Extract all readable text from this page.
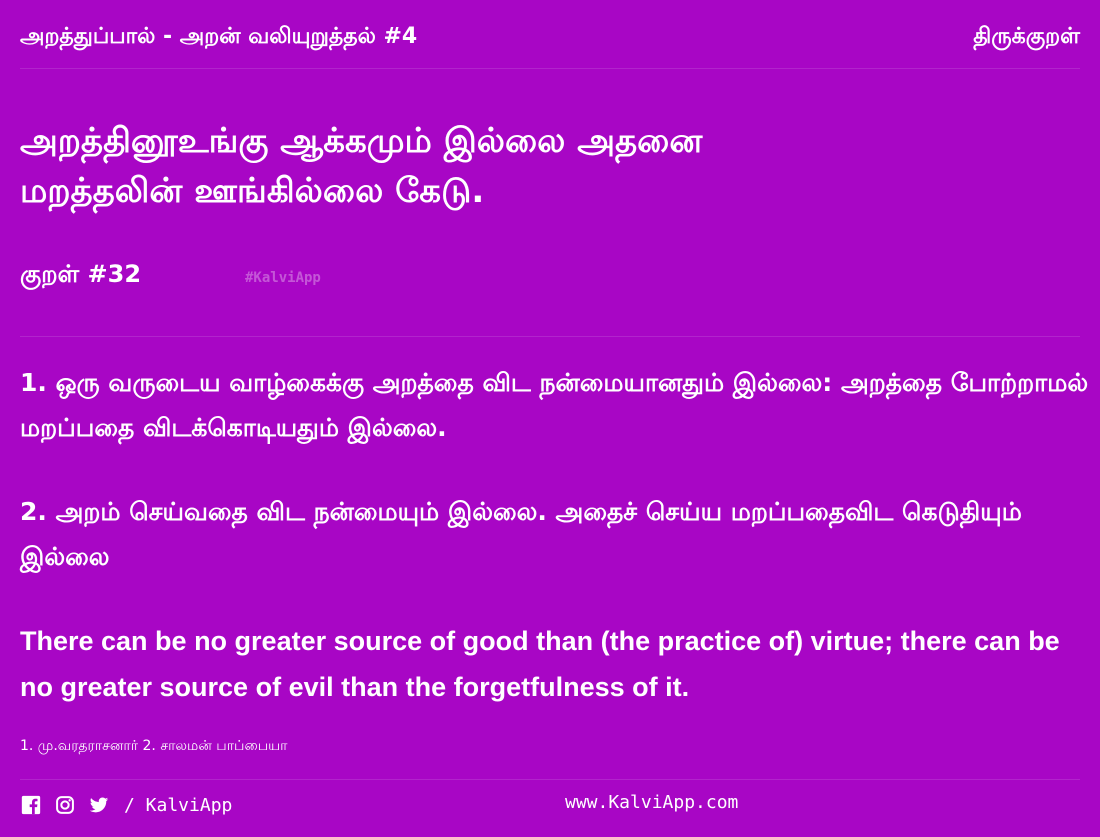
அறத்துப்பால் - அறன் வலியுறுத்தல் #4	திருக்குறள்
அறத்தினூஉங்கு ஆக்கமும் இல்லை அதனை
மறத்தலின் ஊங்கில்லை கேடு.
குறள் #32	#KalviApp
1. ஒரு வருடைய வாழ்கைக்கு அறத்தை விட நன்மையானதும் இல்லை: அறத்தை போற்றாமல் மறப்பதை விடக்கொடியதும் இல்லை.
2. அறம் செய்வதை விட நன்மையும் இல்லை. அதைச் செய்ய மறப்பதைவிட கெடுதியும் இல்லை
There can be no greater source of good than (the practice of) virtue; there can be no greater source of evil than the forgetfulness of it.
1. மு.வரதராசனார் 2. சாலமன் பாப்பையா
/ KalviApp	www.KalviApp.com
